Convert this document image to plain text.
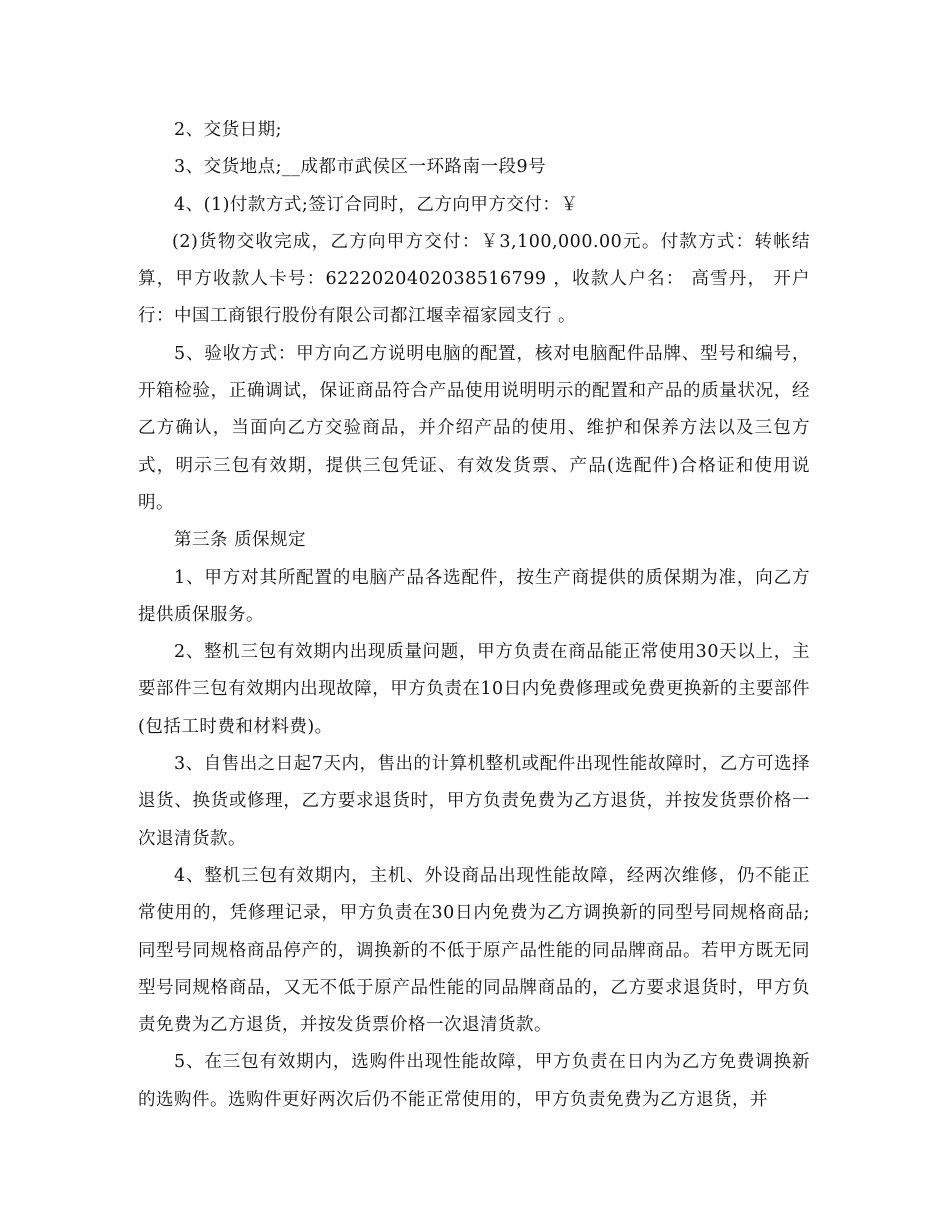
2、交货日期;

3、交货地点;__成都市武侯区一环路南一段9号

4、(1)付款方式;签订合同时，乙方向甲方交付：￥

(2)货物交收完成，乙方向甲方交付：￥3,100,000.00元。付款方式：转帐结算，甲方收款人卡号：6222020402038516799 ，收款人户名： 高雪丹， 开户行：中国工商银行股份有限公司都江堰幸福家园支行 。

5、验收方式：甲方向乙方说明电脑的配置，核对电脑配件品牌、型号和编号，开箱检验，正确调试，保证商品符合产品使用说明明示的配置和产品的质量状况，经乙方确认，当面向乙方交验商品，并介绍产品的使用、维护和保养方法以及三包方式，明示三包有效期，提供三包凭证、有效发货票、产品(选配件)合格证和使用说明。

第三条 质保规定

1、甲方对其所配置的电脑产品各选配件，按生产商提供的质保期为准，向乙方提供质保服务。

2、整机三包有效期内出现质量问题，甲方负责在商品能正常使用30天以上，主要部件三包有效期内出现故障，甲方负责在10日内免费修理或免费更换新的主要部件(包括工时费和材料费)。

3、自售出之日起7天内，售出的计算机整机或配件出现性能故障时，乙方可选择退货、换货或修理，乙方要求退货时，甲方负责免费为乙方退货，并按发货票价格一次退清货款。

4、整机三包有效期内，主机、外设商品出现性能故障，经两次维修，仍不能正常使用的，凭修理记录，甲方负责在30日内免费为乙方调换新的同型号同规格商品;同型号同规格商品停产的，调换新的不低于原产品性能的同品牌商品。若甲方既无同型号同规格商品，又无不低于原产品性能的同品牌商品的，乙方要求退货时，甲方负责免费为乙方退货，并按发货票价格一次退清货款。

5、在三包有效期内，选购件出现性能故障，甲方负责在日内为乙方免费调换新的选购件。选购件更好两次后仍不能正常使用的，甲方负责免费为乙方退货，并
